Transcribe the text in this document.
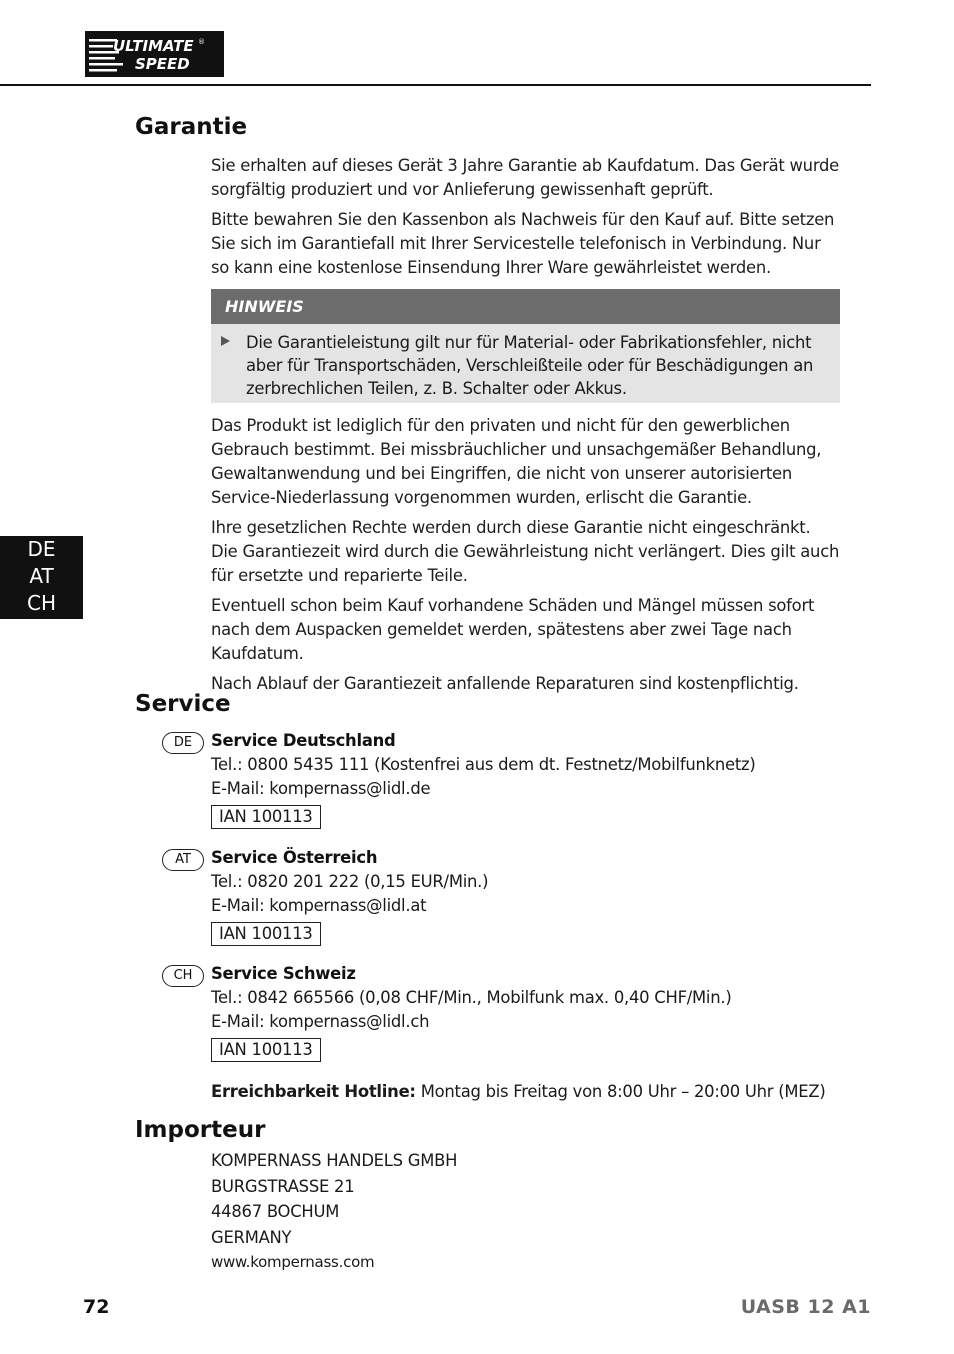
ULTIMATE
SPEED
®
Garantie

Sie erhalten auf dieses Gerät 3 Jahre Garantie ab Kaufdatum. Das Gerät wurde sorgfältig produziert und vor Anlieferung gewissenhaft geprüft.

Bitte bewahren Sie den Kassenbon als Nachweis für den Kauf auf. Bitte setzen Sie sich im Garantiefall mit Ihrer Servicestelle telefonisch in Verbindung. Nur so kann eine kostenlose Einsendung Ihrer Ware gewährleistet werden.

HINWEIS
Die Garantieleistung gilt nur für Material- oder Fabrikationsfehler, nicht aber für Transportschäden, Verschleißteile oder für Beschädigungen an zerbrechlichen Teilen, z. B. Schalter oder Akkus.

Das Produkt ist lediglich für den privaten und nicht für den gewerblichen Gebrauch bestimmt. Bei missbräuchlicher und unsachgemäßer Behandlung, Gewaltanwendung und bei Eingriffen, die nicht von unserer autorisierten Service-Niederlassung vorgenommen wurden, erlischt die Garantie.

Ihre gesetzlichen Rechte werden durch diese Garantie nicht eingeschränkt. Die Garantiezeit wird durch die Gewährleistung nicht verlängert. Dies gilt auch für ersetzte und reparierte Teile.

Eventuell schon beim Kauf vorhandene Schäden und Mängel müssen sofort nach dem Auspacken gemeldet werden, spätestens aber zwei Tage nach Kaufdatum.

Nach Ablauf der Garantiezeit anfallende Reparaturen sind kostenpflichtig.

DE
AT
CH
Service
DE	Service Deutschland
Tel.: 0800 5435 111 (Kostenfrei aus dem dt. Festnetz/Mobilfunknetz)
E-Mail: kompernass@lidl.de
IAN 100113
AT	Service Österreich
Tel.: 0820 201 222 (0,15 EUR/Min.)
E-Mail: kompernass@lidl.at
IAN 100113
CH	Service Schweiz
Tel.: 0842 665566 (0,08 CHF/Min., Mobilfunk max. 0,40 CHF/Min.)
E-Mail: kompernass@lidl.ch
IAN 100113
Erreichbarkeit Hotline: Montag bis Freitag von 8:00 Uhr – 20:00 Uhr (MEZ)
Importeur
KOMPERNASS HANDELS GMBH
BURGSTRASSE 21
44867 BOCHUM
GERMANY
www.kompernass.com
72	UASB 12 A1
